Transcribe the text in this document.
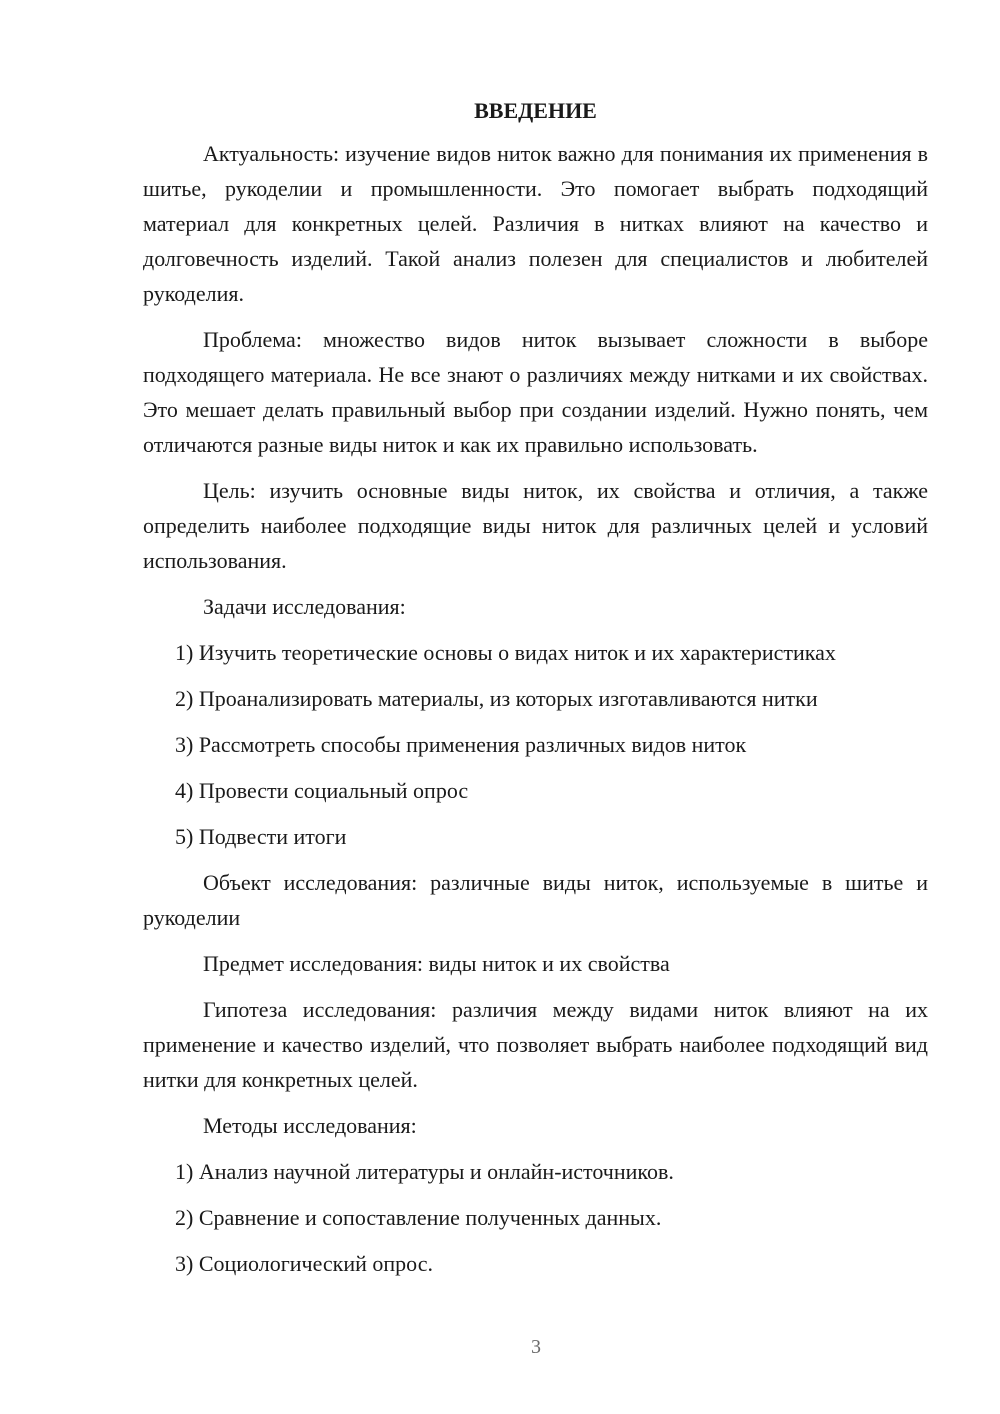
ВВЕДЕНИЕ
Актуальность: изучение видов ниток важно для понимания их применения в шитье, рукоделии и промышленности. Это помогает выбрать подходящий материал для конкретных целей. Различия в нитках влияют на качество и долговечность изделий. Такой анализ полезен для специалистов и любителей рукоделия.
Проблема: множество видов ниток вызывает сложности в выборе подходящего материала. Не все знают о различиях между нитками и их свойствах. Это мешает делать правильный выбор при создании изделий. Нужно понять, чем отличаются разные виды ниток и как их правильно использовать.
Цель: изучить основные виды ниток, их свойства и отличия, а также определить наиболее подходящие виды ниток для различных целей и условий использования.
Задачи исследования:
1) Изучить теоретические основы о видах ниток и их характеристиках
2) Проанализировать материалы, из которых изготавливаются нитки
3) Рассмотреть способы применения различных видов ниток
4) Провести социальный опрос
5) Подвести итоги
Объект исследования: различные виды ниток, используемые в шитье и рукоделии
Предмет исследования: виды ниток и их свойства
Гипотеза исследования: различия между видами ниток влияют на их применение и качество изделий, что позволяет выбрать наиболее подходящий вид нитки для конкретных целей.
Методы исследования:
1) Анализ научной литературы и онлайн-источников.
2) Сравнение и сопоставление полученных данных.
3) Социологический опрос.
3
